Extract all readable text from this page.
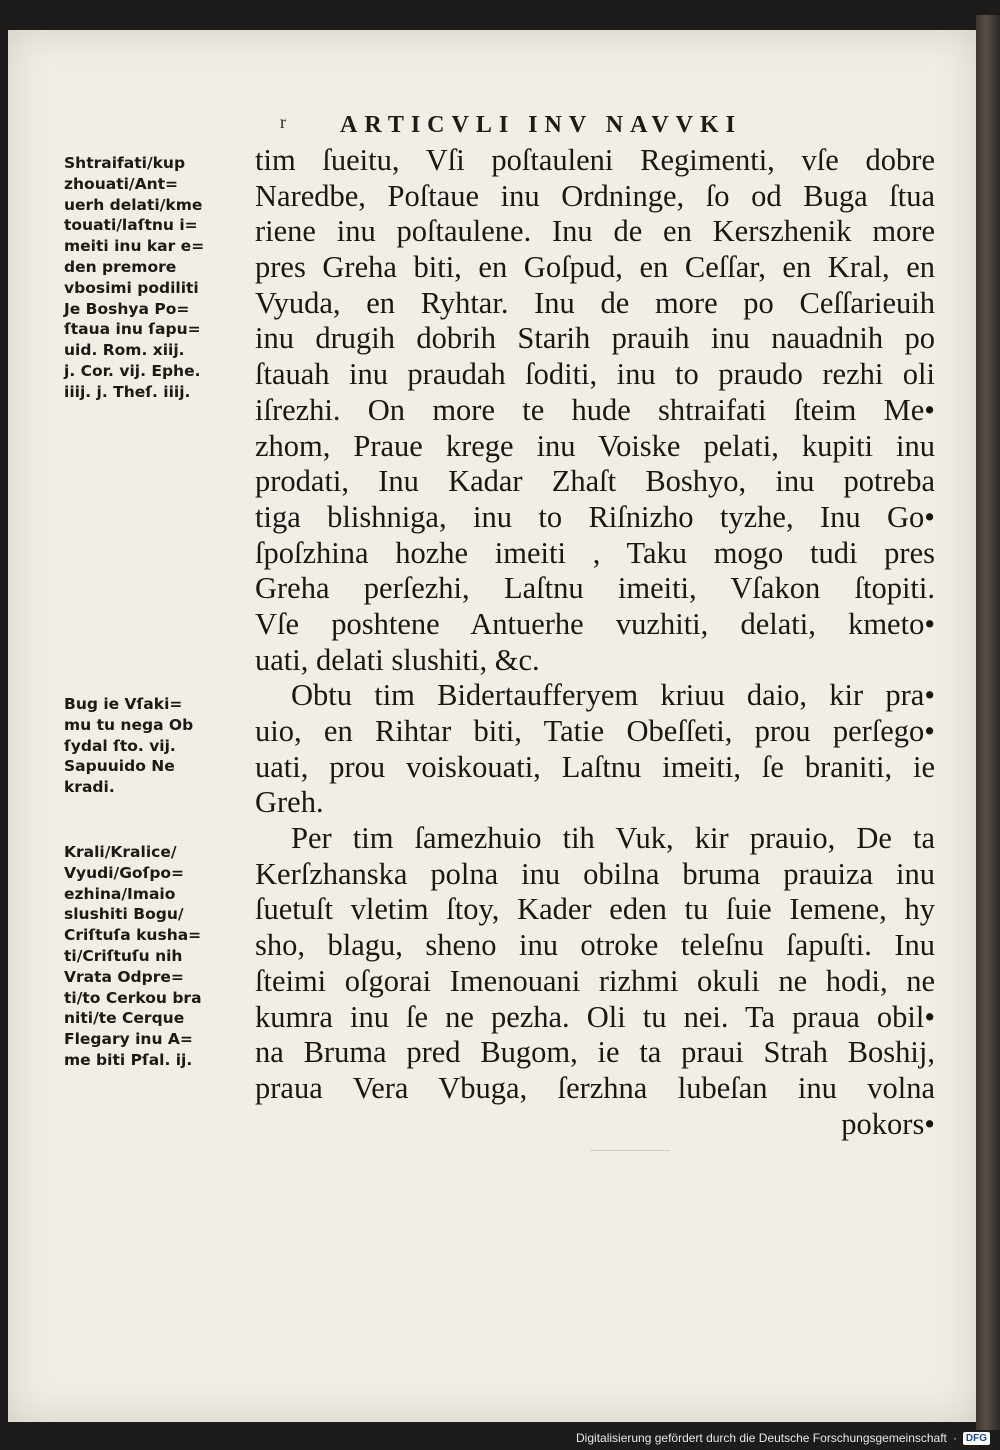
r ARTICVLI INV NAVVKI
tim ſueitu, Vſi poſtauleni Regimenti, vſe dobre
Naredbe, Poſtaue inu Ordninge, ſo od Buga ſtua
riene inu poſtaulene. Inu de en Kerszhenik more
pres Greha biti, en Goſpud, en Ceſſar, en Kral, en
Vyuda, en Ryhtar. Inu de more po Ceſſarieuih
inu drugih dobrih Starih prauih inu nauadnih po
ſtauah inu praudah ſoditi, inu to praudo rezhi oli
iſrezhi. On more te hude shtraifati ſteim Me•
zhom, Praue krege inu Voiske pelati, kupiti inu
prodati, Inu Kadar Zhaſt Boshyo, inu potreba
tiga blishniga, inu to Riſnizho tyzhe, Inu Go•
ſpoſzhina hozhe imeiti , Taku mogo tudi pres
Greha perſezhi, Laſtnu imeiti, Vſakon ſtopiti.
Vſe poshtene Antuerhe vuzhiti, delati, kmeto•
uati, delati slushiti, &c.
Obtu tim Bidertaufferyem kriuu daio, kir pra•
uio, en Rihtar biti, Tatie Obeſſeti, prou perſego•
uati, prou voiskouati, Laſtnu imeiti, ſe braniti, ie
Greh.
Per tim ſamezhuio tih Vuk, kir prauio, De ta
Kerſzhanska polna inu obilna bruma prauiza inu
ſuetuſt vletim ſtoy, Kader eden tu ſuie Iemene, hy
sho, blagu, sheno inu otroke teleſnu ſapuſti. Inu
ſteimi oſgorai Imenouani rizhmi okuli ne hodi, ne
kumra inu ſe ne pezha. Oli tu nei. Ta praua obil•
na Bruma pred Bugom, ie ta praui Strah Boshij,
praua Vera Vbuga, ſerzhna lubeſan inu volna
pokors•
Shtraifati/kup
zhouati/Ant=
uerh delati/kme
touati/laſtnu i=
meiti inu kar e=
den premore
vbosimi podiliti
Je Boshya Po=
ſtaua inu ſapu=
uid. Rom. xiij.
j. Cor. vij. Ephe.
iiij. j. Theſ. iiij.
Bug ie Vſaki=
mu tu nega Ob
ſydal ſto. vij.
Sapuuido Ne
kradi.
Krali/Kralice/
Vyudi/Goſpo=
ezhina/Imaio
slushiti Bogu/
Criſtuſa kusha=
ti/Criſtuſu nih
Vrata Odpre=
ti/to Cerkou bra
niti/te Cerque
Flegary inu A=
me biti Pſal. ij.
Digitalisierung gefördert durch die Deutsche Forschungsgemeinschaft · DFG
